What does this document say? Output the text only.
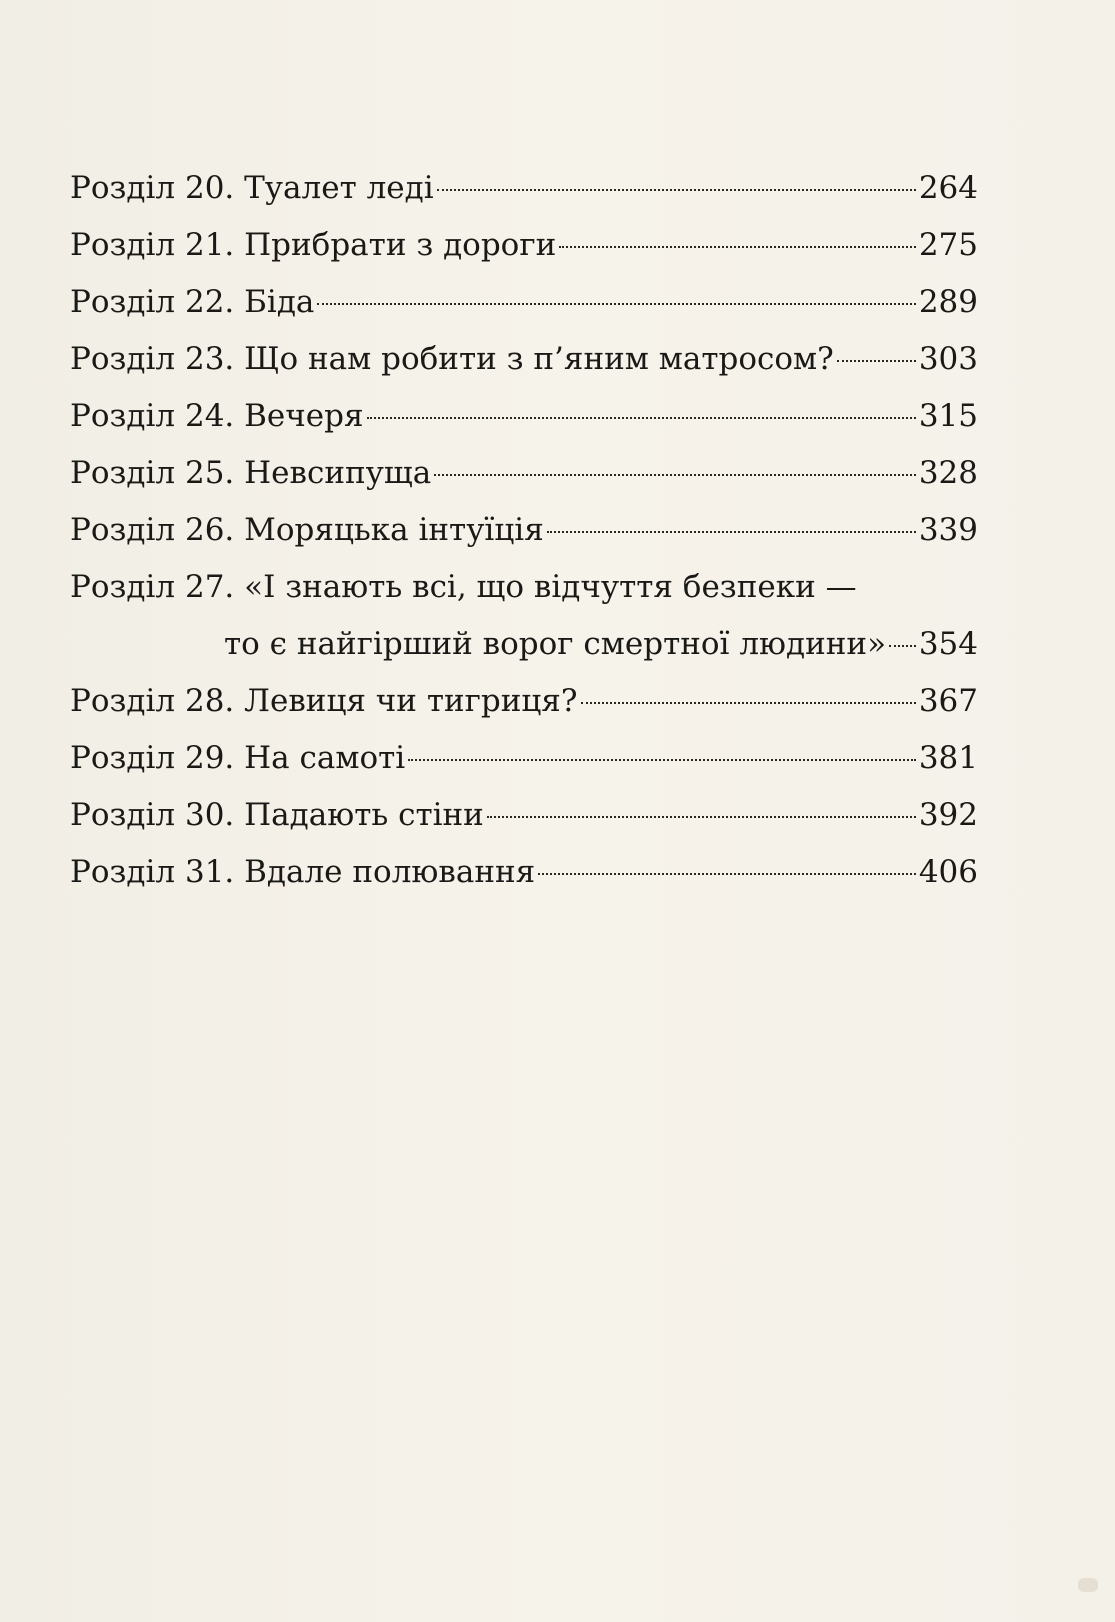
Розділ 20. Туалет леді	264
Розділ 21. Прибрати з дороги	275
Розділ 22. Біда	289
Розділ 23. Що нам робити з п’яним матросом?	303
Розділ 24. Вечеря	315
Розділ 25. Невсипуща	328
Розділ 26. Моряцька інтуїція	339
Розділ 27. «І знають всі, що відчуття безпеки —
то є найгірший ворог смертної людини» 354
Розділ 28. Левиця чи тигриця?	367
Розділ 29. На самоті	381
Розділ 30. Падають стіни	392
Розділ 31. Вдале полювання	406
